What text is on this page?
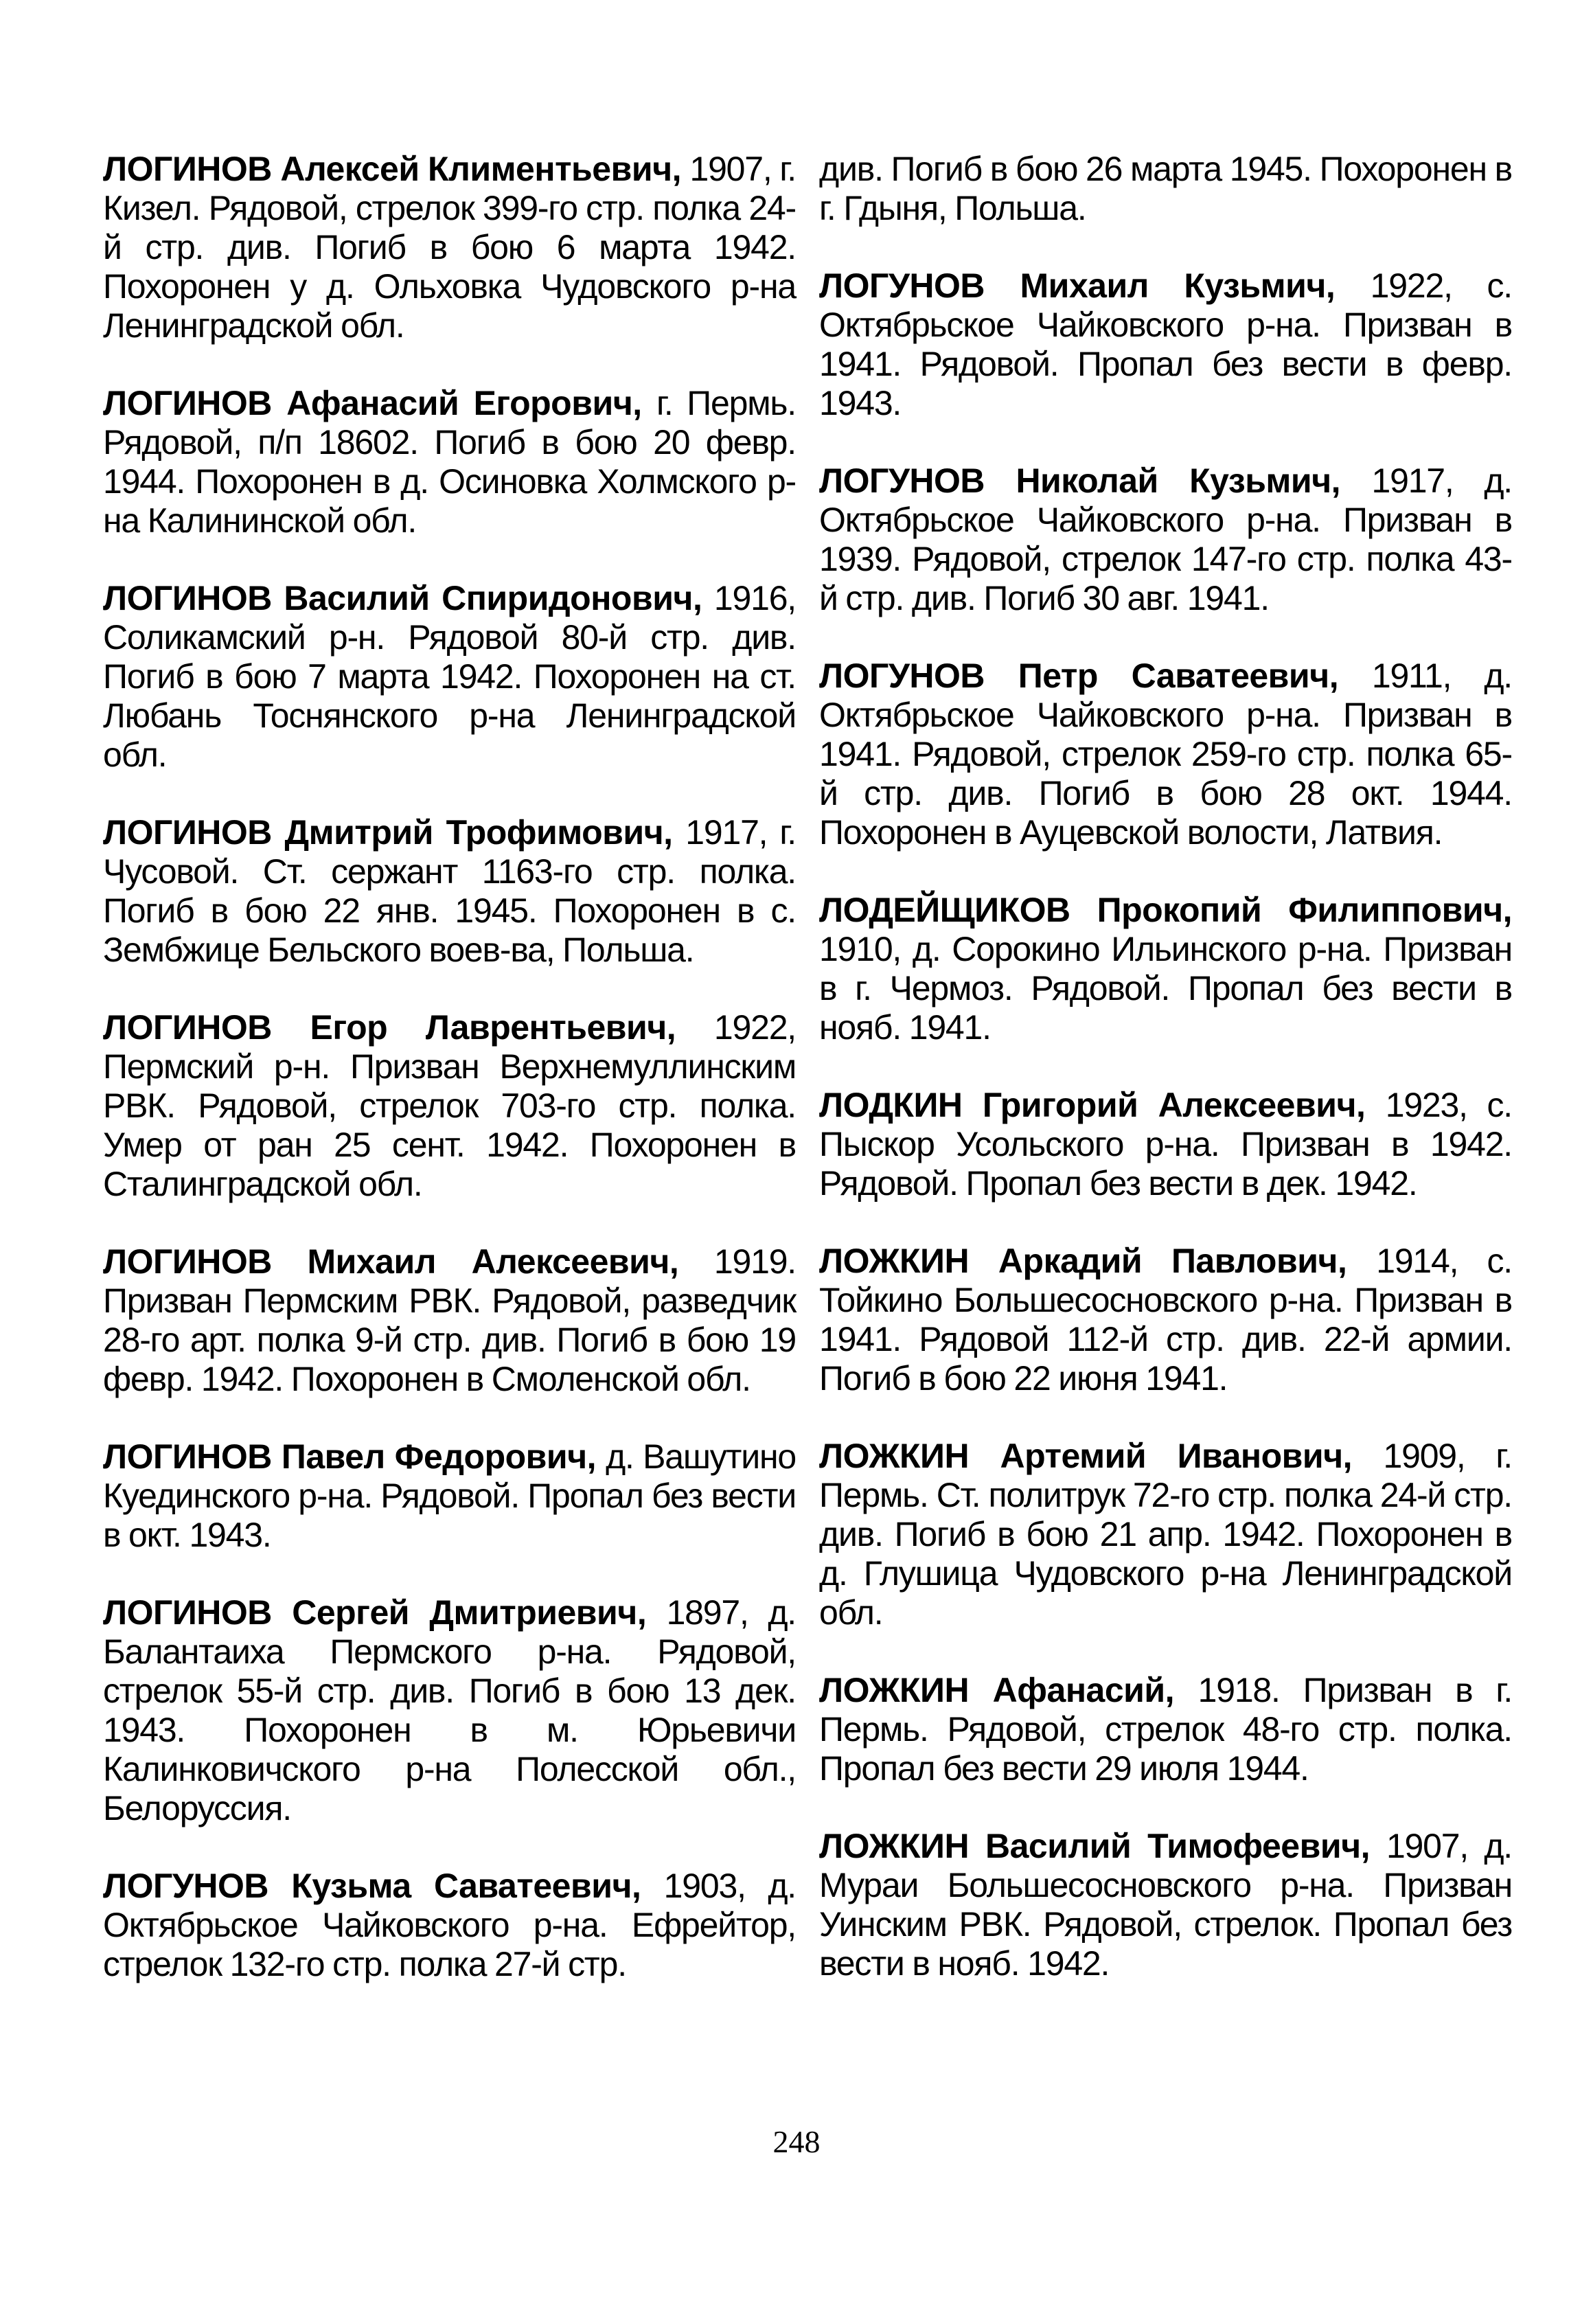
ЛОГИНОВ Алексей Климентьевич, 1907, г. Кизел. Рядовой, стрелок 399-го стр. полка 24-й стр. див. Погиб в бою 6 марта 1942. Похоронен у д. Ольховка Чудовского р-на Ленинградской обл.

ЛОГИНОВ Афанасий Егорович, г. Пермь. Рядовой, п/п 18602. Погиб в бою 20 февр. 1944. Похоронен в д. Осиновка Холмского р-на Калининской обл.

ЛОГИНОВ Василий Спиридонович, 1916, Соликамский р-н. Рядовой 80-й стр. див. Погиб в бою 7 марта 1942. Похоронен на ст. Любань Тоснянского р-на Ленинградской обл.

ЛОГИНОВ Дмитрий Трофимович, 1917, г. Чусовой. Ст. сержант 1163-го стр. полка. Погиб в бою 22 янв. 1945. Похоронен в с. Зембжице Бельского воев-ва, Польша.

ЛОГИНОВ Егор Лаврентьевич, 1922, Пермский р-н. Призван Верхнемуллинским РВК. Рядовой, стрелок 703-го стр. полка. Умер от ран 25 сент. 1942. Похоронен в Сталинградской обл.

ЛОГИНОВ Михаил Алексеевич, 1919. Призван Пермским РВК. Рядовой, разведчик 28-го арт. полка 9-й стр. див. Погиб в бою 19 февр. 1942. Похоронен в Смоленской обл.

ЛОГИНОВ Павел Федорович, д. Вашутино Куединского р-на. Рядовой. Пропал без вести в окт. 1943.

ЛОГИНОВ Сергей Дмитриевич, 1897, д. Балантаиха Пермского р-на. Рядовой, стрелок 55-й стр. див. Погиб в бою 13 дек. 1943. Похоронен в м. Юрьевичи Калинковичского р-на Полесской обл., Белоруссия.

ЛОГУНОВ Кузьма Саватеевич, 1903, д. Октябрьское Чайковского р-на. Ефрейтор, стрелок 132-го стр. полка 27-й стр.

див. Погиб в бою 26 марта 1945. Похоронен в г. Гдыня, Польша.

ЛОГУНОВ Михаил Кузьмич, 1922, с. Октябрьское Чайковского р-на. Призван в 1941. Рядовой. Пропал без вести в февр. 1943.

ЛОГУНОВ Николай Кузьмич, 1917, д. Октябрьское Чайковского р-на. Призван в 1939. Рядовой, стрелок 147-го стр. полка 43-й стр. див. Погиб 30 авг. 1941.

ЛОГУНОВ Петр Саватеевич, 1911, д. Октябрьское Чайковского р-на. Призван в 1941. Рядовой, стрелок 259-го стр. полка 65-й стр. див. Погиб в бою 28 окт. 1944. Похоронен в Ауцевской волости, Латвия.

ЛОДЕЙЩИКОВ Прокопий Филиппович, 1910, д. Сорокино Ильинского р-на. Призван в г. Чермоз. Рядовой. Пропал без вести в нояб. 1941.

ЛОДКИН Григорий Алексеевич, 1923, с. Пыскор Усольского р-на. Призван в 1942. Рядовой. Пропал без вести в дек. 1942.

ЛОЖКИН Аркадий Павлович, 1914, с. Тойкино Большесосновского р-на. Призван в 1941. Рядовой 112-й стр. див. 22-й армии. Погиб в бою 22 июня 1941.

ЛОЖКИН Артемий Иванович, 1909, г. Пермь. Ст. политрук 72-го стр. полка 24-й стр. див. Погиб в бою 21 апр. 1942. Похоронен в д. Глушица Чудовского р-на Ленинградской обл.

ЛОЖКИН Афанасий, 1918. Призван в г. Пермь. Рядовой, стрелок 48-го стр. полка. Пропал без вести 29 июля 1944.

ЛОЖКИН Василий Тимофеевич, 1907, д. Мураи Большесосновского р-на. Призван Уинским РВК. Рядовой, стрелок. Пропал без вести в нояб. 1942.

248
